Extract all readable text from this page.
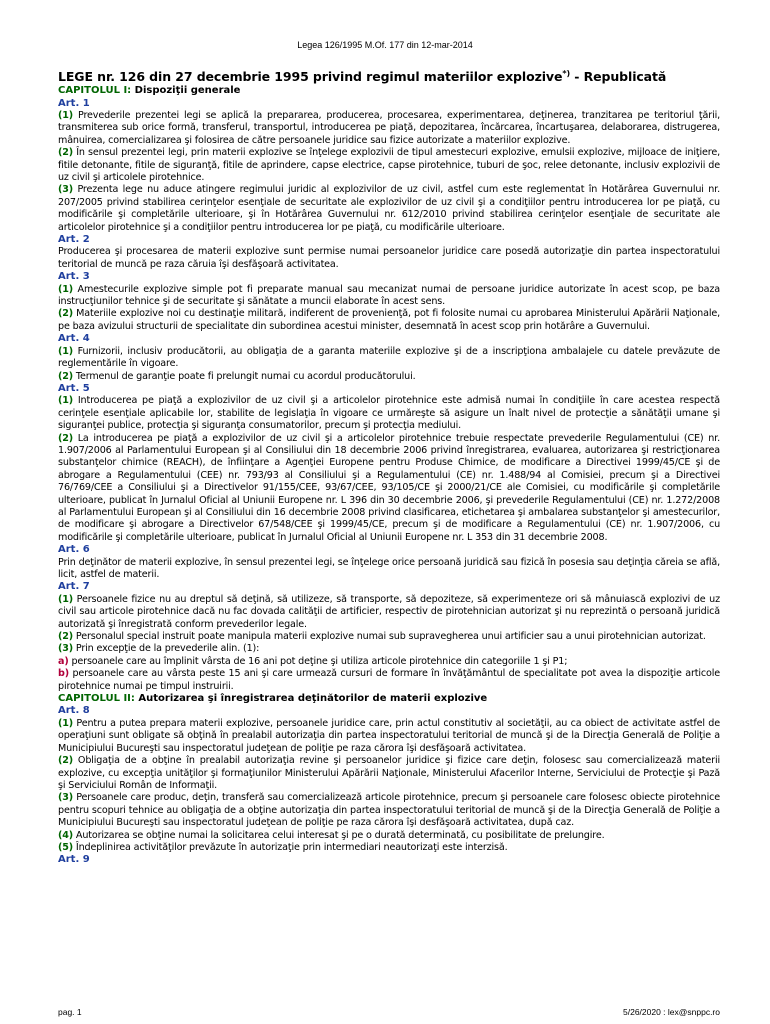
Legea 126/1995 M.Of. 177 din 12-mar-2014
LEGE nr. 126 din 27 decembrie 1995 privind regimul materiilor explozive*) - Republicată
CAPITOLUL I: Dispoziţii generale
Art. 1
(1) Prevederile prezentei legi se aplică la prepararea, producerea, procesarea, experimentarea, deţinerea, tranzitarea pe teritoriul ţării, transmiterea sub orice formă, transferul, transportul, introducerea pe piaţă, depozitarea, încărcarea, încartuşarea, delaborarea, distrugerea, mânuirea, comercializarea şi folosirea de către persoanele juridice sau fizice autorizate a materiilor explozive.
(2) În sensul prezentei legi, prin materii explozive se înţelege explozivii de tipul amestecuri explozive, emulsii explozive, mijloace de iniţiere, fitile detonante, fitile de siguranţă, fitile de aprindere, capse electrice, capse pirotehnice, tuburi de şoc, relee detonante, inclusiv explozivii de uz civil şi articolele pirotehnice.
(3) Prezenta lege nu aduce atingere regimului juridic al explozivilor de uz civil, astfel cum este reglementat în Hotărârea Guvernului nr. 207/2005 privind stabilirea cerinţelor esenţiale de securitate ale explozivilor de uz civil şi a condiţiilor pentru introducerea lor pe piaţă, cu modificările şi completările ulterioare, şi în Hotărârea Guvernului nr. 612/2010 privind stabilirea cerinţelor esenţiale de securitate ale articolelor pirotehnice şi a condiţiilor pentru introducerea lor pe piaţă, cu modificările ulterioare.
Art. 2
Producerea şi procesarea de materii explozive sunt permise numai persoanelor juridice care posedă autorizaţie din partea inspectoratului teritorial de muncă pe raza căruia îşi desfăşoară activitatea.
Art. 3
(1) Amestecurile explozive simple pot fi preparate manual sau mecanizat numai de persoane juridice autorizate în acest scop, pe baza instrucţiunilor tehnice şi de securitate şi sănătate a muncii elaborate în acest sens.
(2) Materiile explozive noi cu destinaţie militară, indiferent de provenienţă, pot fi folosite numai cu aprobarea Ministerului Apărării Naţionale, pe baza avizului structurii de specialitate din subordinea acestui minister, desemnată în acest scop prin hotărâre a Guvernului.
Art. 4
(1) Furnizorii, inclusiv producătorii, au obligaţia de a garanta materiile explozive şi de a inscripţiona ambalajele cu datele prevăzute de reglementările în vigoare.
(2) Termenul de garanţie poate fi prelungit numai cu acordul producătorului.
Art. 5
(1) Introducerea pe piaţă a explozivilor de uz civil şi a articolelor pirotehnice este admisă numai în condiţiile în care acestea respectă cerinţele esenţiale aplicabile lor, stabilite de legislaţia în vigoare ce urmăreşte să asigure un înalt nivel de protecţie a sănătăţii umane şi siguranţei publice, protecţia şi siguranţa consumatorilor, precum şi protecţia mediului.
(2) La introducerea pe piaţă a explozivilor de uz civil şi a articolelor pirotehnice trebuie respectate prevederile Regulamentului (CE) nr. 1.907/2006 al Parlamentului European şi al Consiliului din 18 decembrie 2006 privind înregistrarea, evaluarea, autorizarea şi restricţionarea substanţelor chimice (REACH), de înfiinţare a Agenţiei Europene pentru Produse Chimice, de modificare a Directivei 1999/45/CE şi de abrogare a Regulamentului (CEE) nr. 793/93 al Consiliului şi a Regulamentului (CE) nr. 1.488/94 al Comisiei, precum şi a Directivei 76/769/CEE a Consiliului şi a Directivelor 91/155/CEE, 93/67/CEE, 93/105/CE şi 2000/21/CE ale Comisiei, cu modificările şi completările ulterioare, publicat în Jurnalul Oficial al Uniunii Europene nr. L 396 din 30 decembrie 2006, şi prevederile Regulamentului (CE) nr. 1.272/2008 al Parlamentului European şi al Consiliului din 16 decembrie 2008 privind clasificarea, etichetarea şi ambalarea substanţelor şi amestecurilor, de modificare şi abrogare a Directivelor 67/548/CEE şi 1999/45/CE, precum şi de modificare a Regulamentului (CE) nr. 1.907/2006, cu modificările şi completările ulterioare, publicat în Jurnalul Oficial al Uniunii Europene nr. L 353 din 31 decembrie 2008.
Art. 6
Prin deţinător de materii explozive, în sensul prezentei legi, se înţelege orice persoană juridică sau fizică în posesia sau deţinţia căreia se află, licit, astfel de materii.
Art. 7
(1) Persoanele fizice nu au dreptul să deţină, să utilizeze, să transporte, să depoziteze, să experimenteze ori să mânuiască explozivi de uz civil sau articole pirotehnice dacă nu fac dovada calităţii de artificier, respectiv de pirotehnician autorizat şi nu reprezintă o persoană juridică autorizată şi înregistrată conform prevederilor legale.
(2) Personalul special instruit poate manipula materii explozive numai sub supravegherea unui artificier sau a unui pirotehnician autorizat.
(3) Prin excepţie de la prevederile alin. (1):
a) persoanele care au împlinit vârsta de 16 ani pot deţine şi utiliza articole pirotehnice din categoriile 1 şi P1;
b) persoanele care au vârsta peste 15 ani şi care urmează cursuri de formare în învăţământul de specialitate pot avea la dispoziţie articole pirotehnice numai pe timpul instruirii.
CAPITOLUL II: Autorizarea şi înregistrarea deţinătorilor de materii explozive
Art. 8
(1) Pentru a putea prepara materii explozive, persoanele juridice care, prin actul constitutiv al societăţii, au ca obiect de activitate astfel de operaţiuni sunt obligate să obţină în prealabil autorizaţia din partea inspectoratului teritorial de muncă şi de la Direcţia Generală de Poliţie a Municipiului Bucureşti sau inspectoratul judeţean de poliţie pe raza cărora îşi desfăşoară activitatea.
(2) Obligaţia de a obţine în prealabil autorizaţia revine şi persoanelor juridice şi fizice care deţin, folosesc sau comercializează materii explozive, cu excepţia unităţilor şi formaţiunilor Ministerului Apărării Naţionale, Ministerului Afacerilor Interne, Serviciului de Protecţie şi Pază şi Serviciului Român de Informaţii.
(3) Persoanele care produc, deţin, transferă sau comercializează articole pirotehnice, precum şi persoanele care folosesc obiecte pirotehnice pentru scopuri tehnice au obligaţia de a obţine autorizaţia din partea inspectoratului teritorial de muncă şi de la Direcţia Generală de Poliţie a Municipiului Bucureşti sau inspectoratul judeţean de poliţie pe raza cărora îşi desfăşoară activitatea, după caz.
(4) Autorizarea se obţine numai la solicitarea celui interesat şi pe o durată determinată, cu posibilitate de prelungire.
(5) Îndeplinirea activităţilor prevăzute în autorizaţie prin intermediari neautorizaţi este interzisă.
Art. 9
pag. 1	5/26/2020 : lex@snppc.ro
